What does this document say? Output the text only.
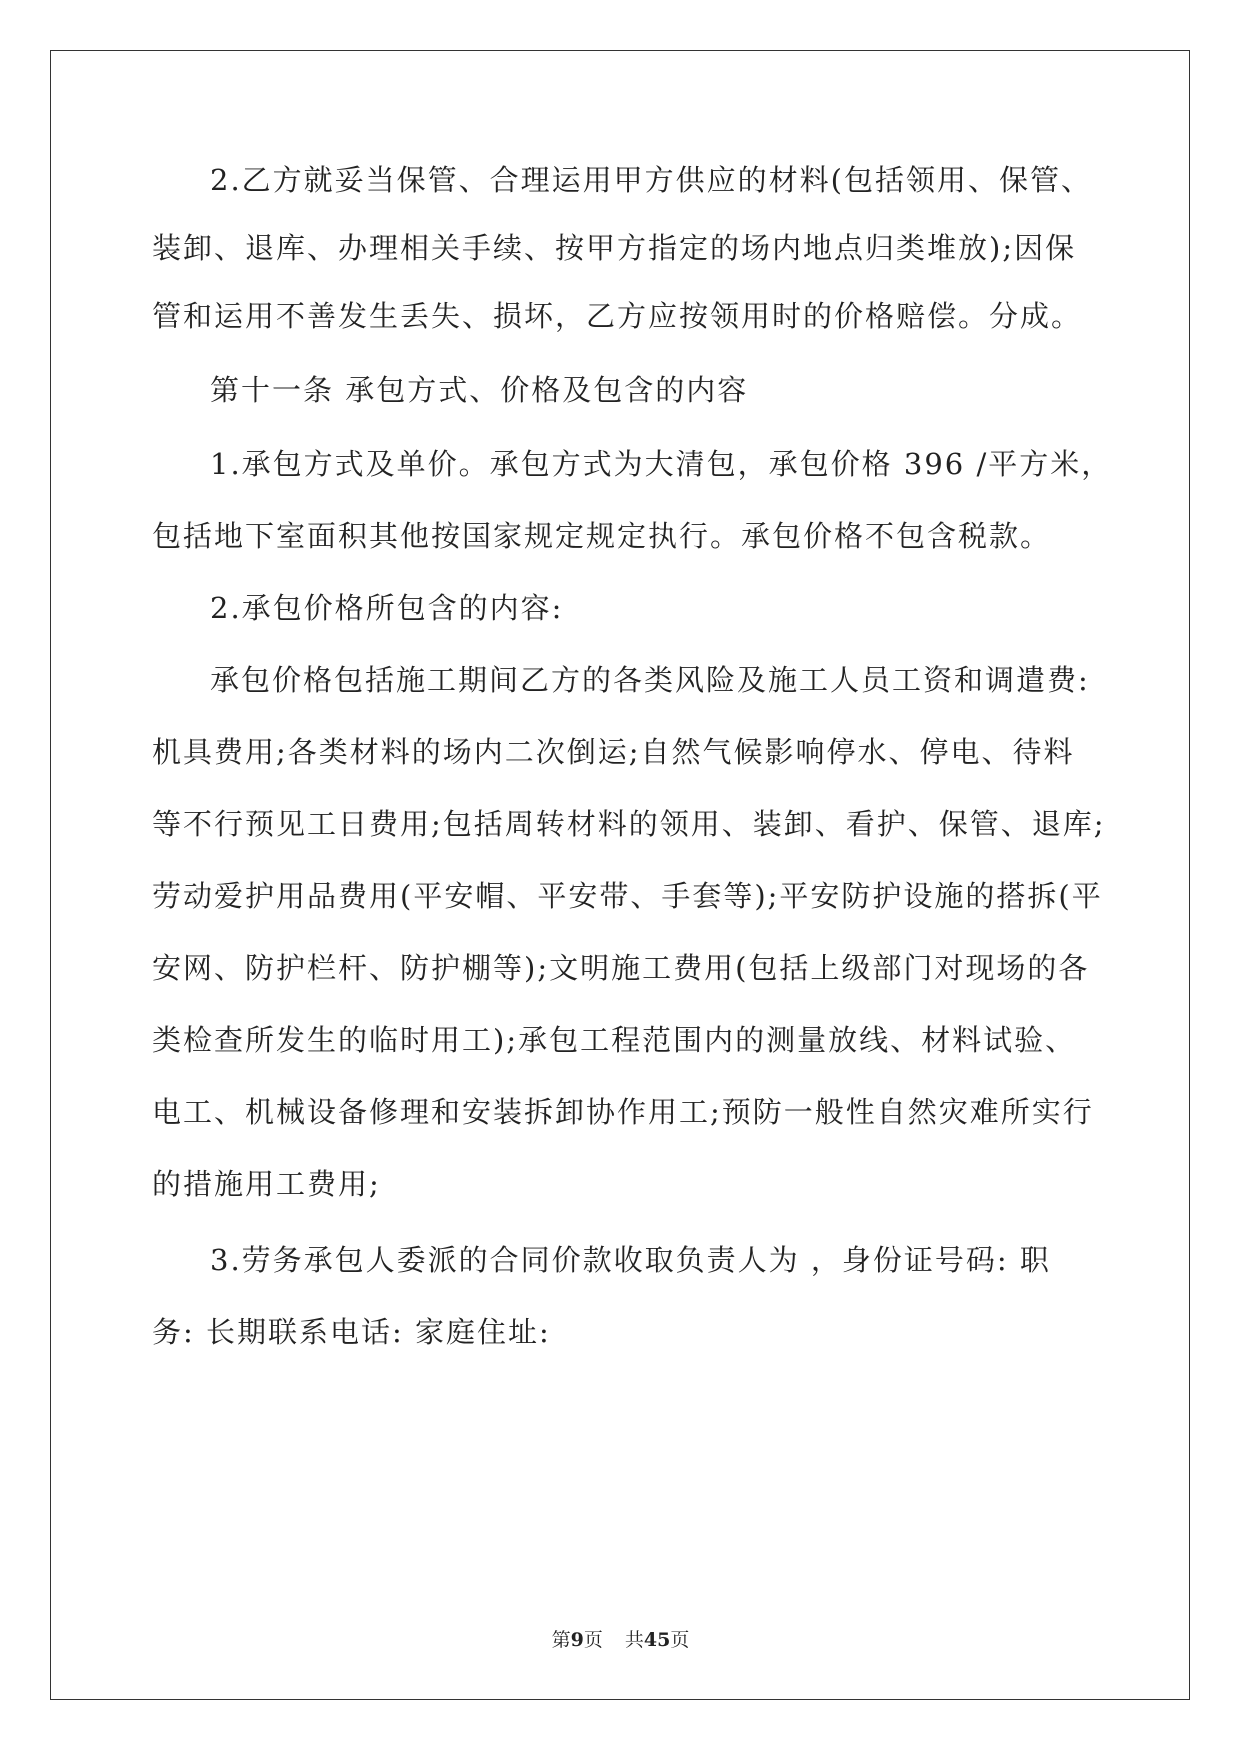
2.乙方就妥当保管、合理运用甲方供应的材料(包括领用、保管、
装卸、退库、办理相关手续、按甲方指定的场内地点归类堆放);因保
管和运用不善发生丢失、损坏，乙方应按领用时的价格赔偿。分成。
第十一条 承包方式、价格及包含的内容
1.承包方式及单价。承包方式为大清包，承包价格 396 /平方米，
包括地下室面积其他按国家规定规定执行。承包价格不包含税款。
2.承包价格所包含的内容:
承包价格包括施工期间乙方的各类风险及施工人员工资和调遣费:
机具费用;各类材料的场内二次倒运;自然气候影响停水、停电、待料
等不行预见工日费用;包括周转材料的领用、装卸、看护、保管、退库;
劳动爱护用品费用(平安帽、平安带、手套等);平安防护设施的搭拆(平
安网、防护栏杆、防护棚等);文明施工费用(包括上级部门对现场的各
类检查所发生的临时用工);承包工程范围内的测量放线、材料试验、
电工、机械设备修理和安装拆卸协作用工;预防一般性自然灾难所实行
的措施用工费用;
3.劳务承包人委派的合同价款收取负责人为 ，身份证号码: 职
务: 长期联系电话: 家庭住址:
第9页 共45页
